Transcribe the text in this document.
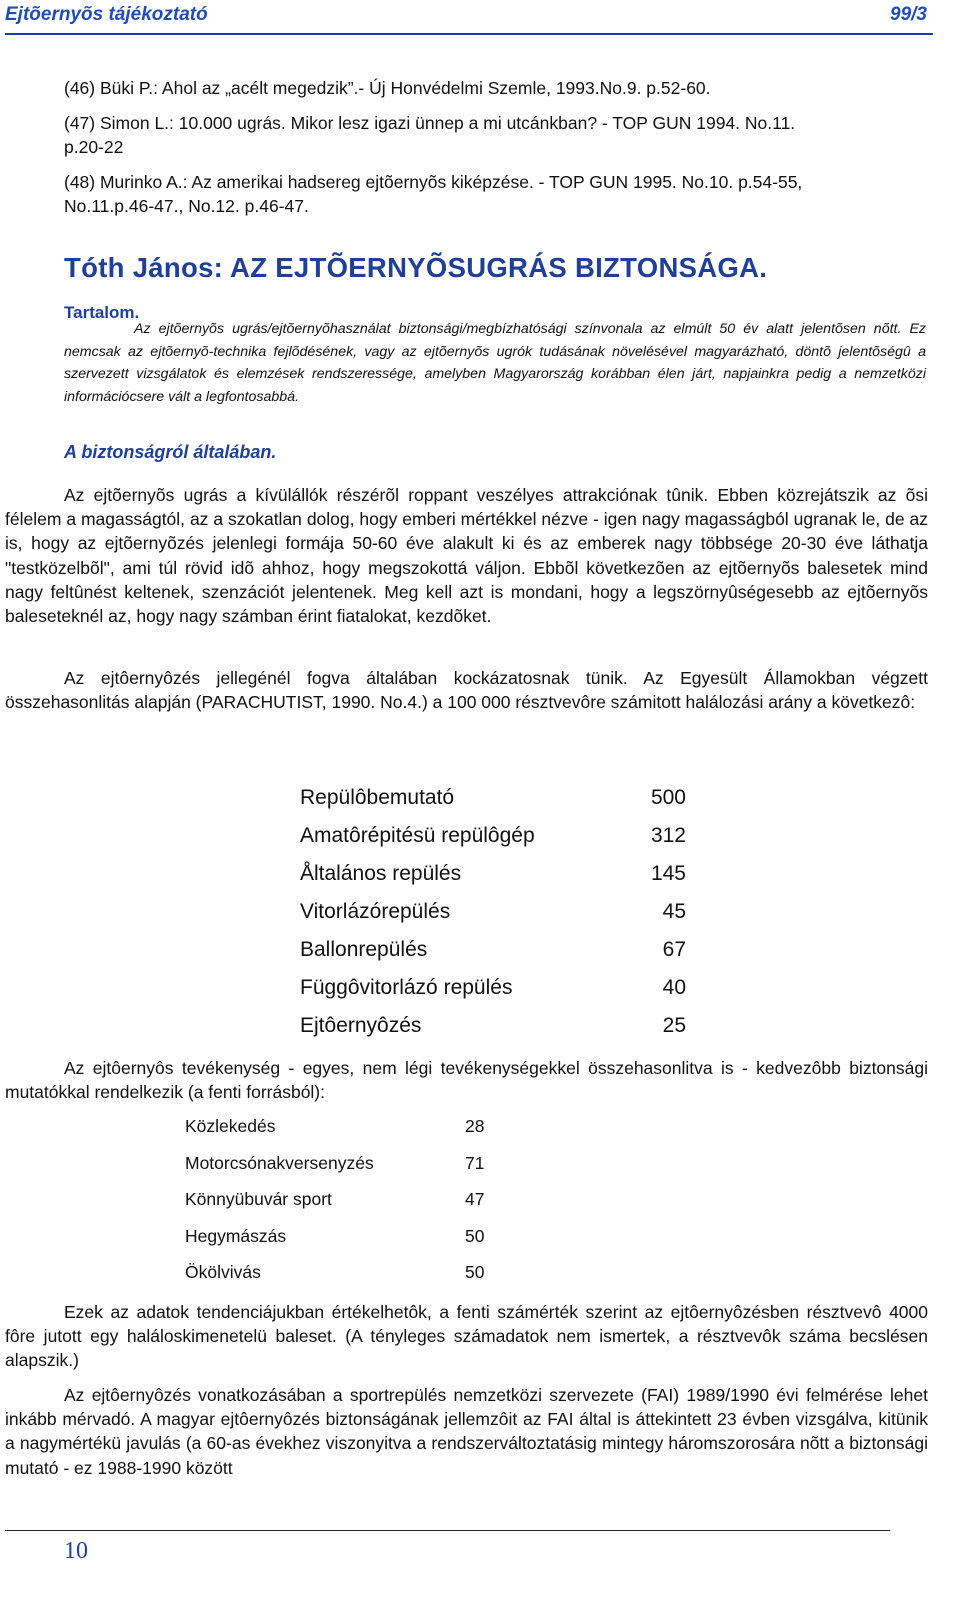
Ejtõernyõs tájékoztató	99/3
(46) Büki P.: Ahol az „acélt megedzik”.- Új Honvédelmi Szemle, 1993.No.9. p.52-60.
(47) Simon L.: 10.000 ugrás. Mikor lesz igazi ünnep a mi utcánkban? - TOP GUN 1994. No.11.
p.20-22
(48) Murinko A.: Az amerikai hadsereg ejtõernyõs kiképzése. - TOP GUN 1995. No.10. p.54-55,
No.11.p.46-47., No.12. p.46-47.
Tóth János: AZ EJTÕERNYÕSUGRÁS BIZTONSÁGA.
Tartalom.
Az ejtõernyõs ugrás/ejtõernyõhasználat biztonsági/megbízhatósági színvonala az elmúlt 50 év alatt jelentõsen nõtt. Ez nemcsak az ejtõernyõ-technika fejlõdésének, vagy az ejtõernyõs ugrók tudásának növelésével magyarázható, döntõ jelentõségû a szervezett vizsgálatok és elemzések rendszeressége, amelyben Magyarország korábban élen járt, napjainkra pedig a nemzetközi információcsere vált a legfontosabbá.
A biztonságról általában.
Az ejtõernyõs ugrás a kívülállók részérõl roppant veszélyes attrakciónak tûnik. Ebben közrejátszik az õsi félelem a magasságtól, az a szokatlan dolog, hogy emberi mértékkel nézve - igen nagy magasságból ugranak le, de az is, hogy az ejtõernyõzés jelenlegi formája 50-60 éve alakult ki és az emberek nagy többsége 20-30 éve láthatja "testközelbõl", ami túl rövid idõ ahhoz, hogy megszokottá váljon. Ebbõl következõen az ejtõernyõs balesetek mind nagy feltûnést keltenek, szenzációt jelentenek. Meg kell azt is mondani, hogy a legszörnyûségesebb az ejtõernyõs baleseteknél az, hogy nagy számban érint fiatalokat, kezdõket.
Az ejtôernyôzés jellegénél fogva általában kockázatosnak tünik. Az Egyesült Államokban végzett összehasonlitás alapján (PARACHUTIST, 1990. No.4.) a 100 000 résztvevôre számitott halálozási arány a következô:
Repülôbemutató	500
Amatôrépitésü repülôgép	312
Åltalános repülés	145
Vitorlázórepülés	45
Ballonrepülés	67
Függôvitorlázó repülés	40
Ejtôernyôzés	25
Az ejtôernyôs tevékenység - egyes, nem légi tevékenységekkel összehasonlitva is - kedvezôbb biztonsági mutatókkal rendelkezik (a fenti forrásból):
Közlekedés	28
Motorcsónakversenyzés	71
Könnyübuvár sport	47
Hegymászás	50
Ökölvivás	50
Ezek az adatok tendenciájukban értékelhetôk, a fenti számérték szerint az ejtôernyôzésben résztvevô 4000 fôre jutott egy haláloskimenetelü baleset. (A tényleges számadatok nem ismertek, a résztvevôk száma becslésen alapszik.)
Az ejtôernyôzés vonatkozásában a sportrepülés nemzetközi szervezete (FAI) 1989/1990 évi felmérése lehet inkább mérvadó. A magyar ejtôernyôzés biztonságának jellemzôit az FAI által is áttekintett 23 évben vizsgálva, kitünik a nagymértékü javulás (a 60-as évekhez viszonyitva a rendszerváltoztatásig mintegy háromszorosára nõtt a biztonsági mutató - ez 1988-1990 között
10
